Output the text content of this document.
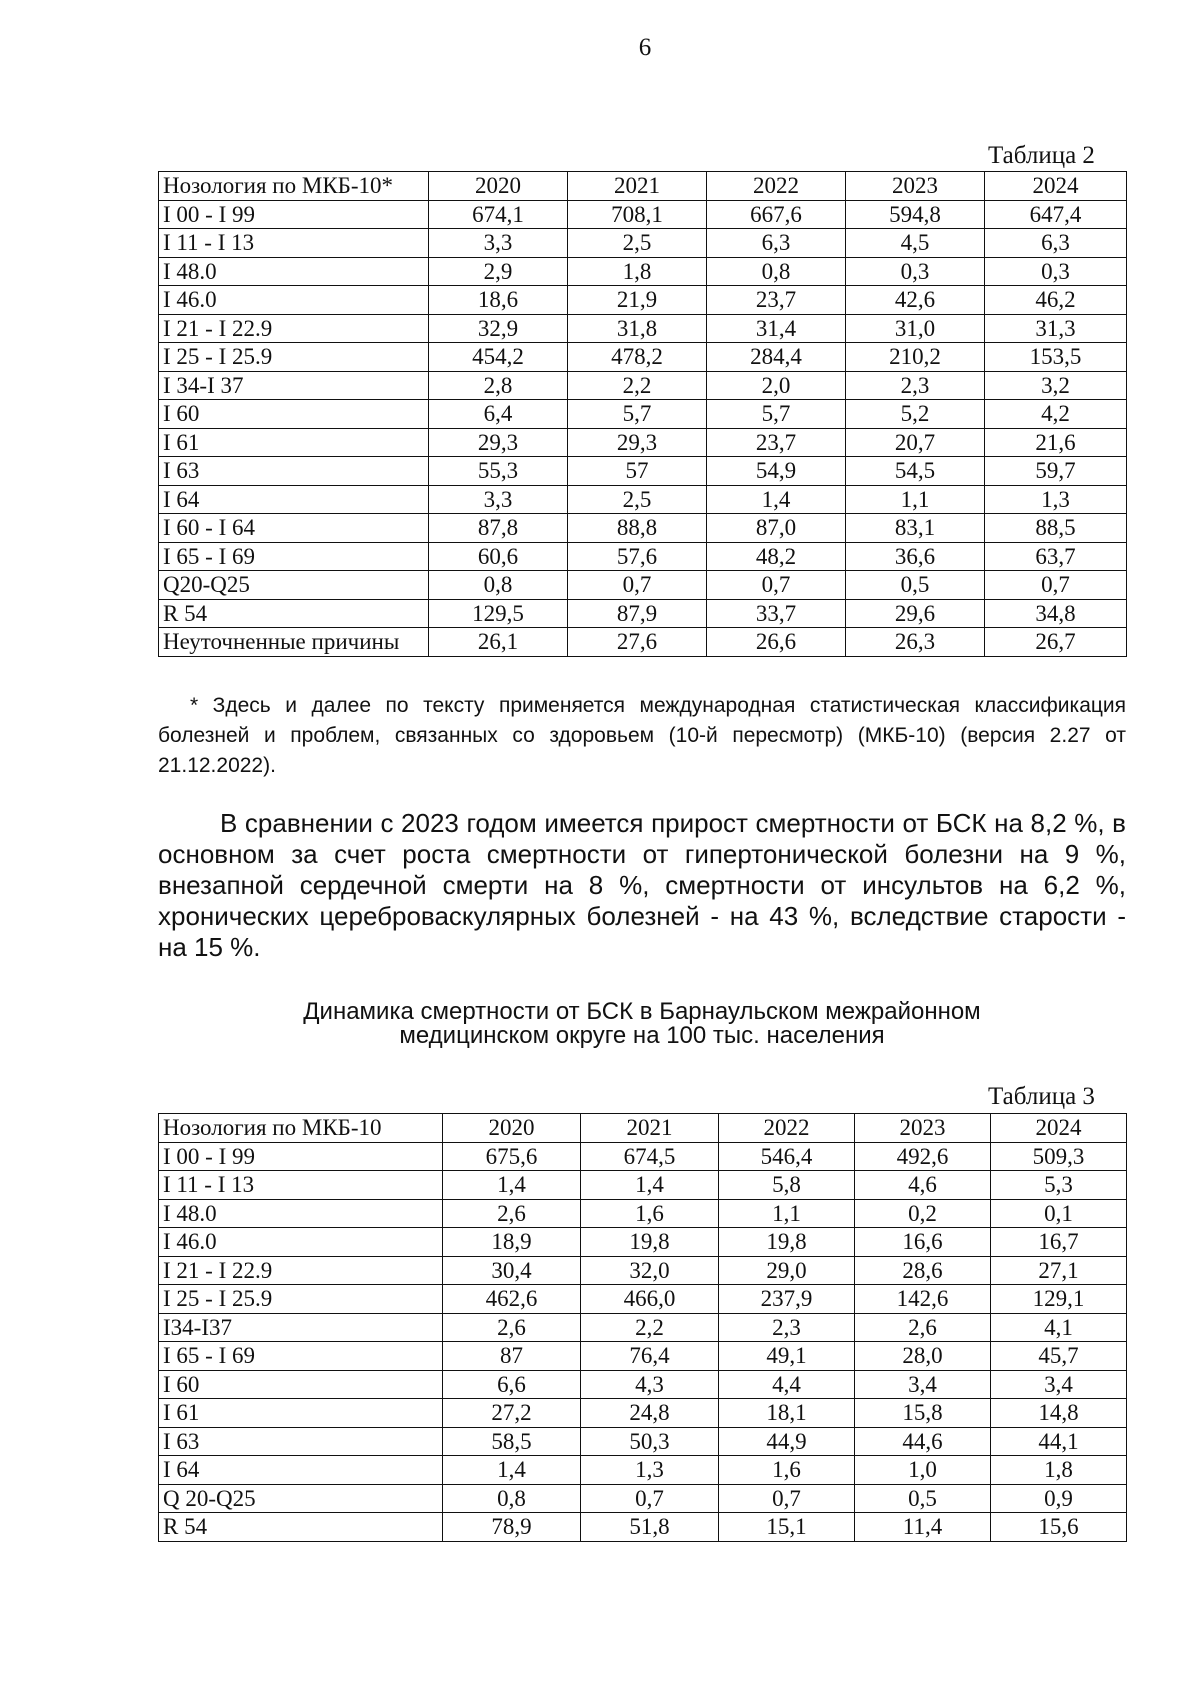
6
Таблица 2
Нозология по МКБ-10*	2020	2021	2022	2023	2024
I 00 - I 99	674,1	708,1	667,6	594,8	647,4
I 11 - I 13	3,3	2,5	6,3	4,5	6,3
I 48.0	2,9	1,8	0,8	0,3	0,3
I 46.0	18,6	21,9	23,7	42,6	46,2
I 21 - I 22.9	32,9	31,8	31,4	31,0	31,3
I 25 - I 25.9	454,2	478,2	284,4	210,2	153,5
I 34-I 37	2,8	2,2	2,0	2,3	3,2
I 60	6,4	5,7	5,7	5,2	4,2
I 61	29,3	29,3	23,7	20,7	21,6
I 63	55,3	57	54,9	54,5	59,7
I 64	3,3	2,5	1,4	1,1	1,3
I 60 - I 64	87,8	88,8	87,0	83,1	88,5
I 65 - I 69	60,6	57,6	48,2	36,6	63,7
Q20-Q25	0,8	0,7	0,7	0,5	0,7
R 54	129,5	87,9	33,7	29,6	34,8
Неуточненные причины	26,1	27,6	26,6	26,3	26,7
* Здесь и далее по тексту применяется международная статистическая классификация болезней и проблем, связанных со здоровьем (10-й пересмотр) (МКБ-10) (версия 2.27 от 21.12.2022).
В сравнении с 2023 годом имеется прирост смертности от БСК на 8,2 %, в основном за счет роста смертности от гипертонической болезни на 9 %, внезапной сердечной смерти на 8 %, смертности от инсультов на 6,2 %, хронических цереброваскулярных болезней - на 43 %, вследствие старости - на 15 %.
Динамика смертности от БСК в Барнаульском межрайонном
медицинском округе на 100 тыс. населения
Таблица 3
Нозология по МКБ-10	2020	2021	2022	2023	2024
I 00 - I 99	675,6	674,5	546,4	492,6	509,3
I 11 - I 13	1,4	1,4	5,8	4,6	5,3
I 48.0	2,6	1,6	1,1	0,2	0,1
I 46.0	18,9	19,8	19,8	16,6	16,7
I 21 - I 22.9	30,4	32,0	29,0	28,6	27,1
I 25 - I 25.9	462,6	466,0	237,9	142,6	129,1
I34-I37	2,6	2,2	2,3	2,6	4,1
I 65 - I 69	87	76,4	49,1	28,0	45,7
I 60	6,6	4,3	4,4	3,4	3,4
I 61	27,2	24,8	18,1	15,8	14,8
I 63	58,5	50,3	44,9	44,6	44,1
I 64	1,4	1,3	1,6	1,0	1,8
Q 20-Q25	0,8	0,7	0,7	0,5	0,9
R 54	78,9	51,8	15,1	11,4	15,6
